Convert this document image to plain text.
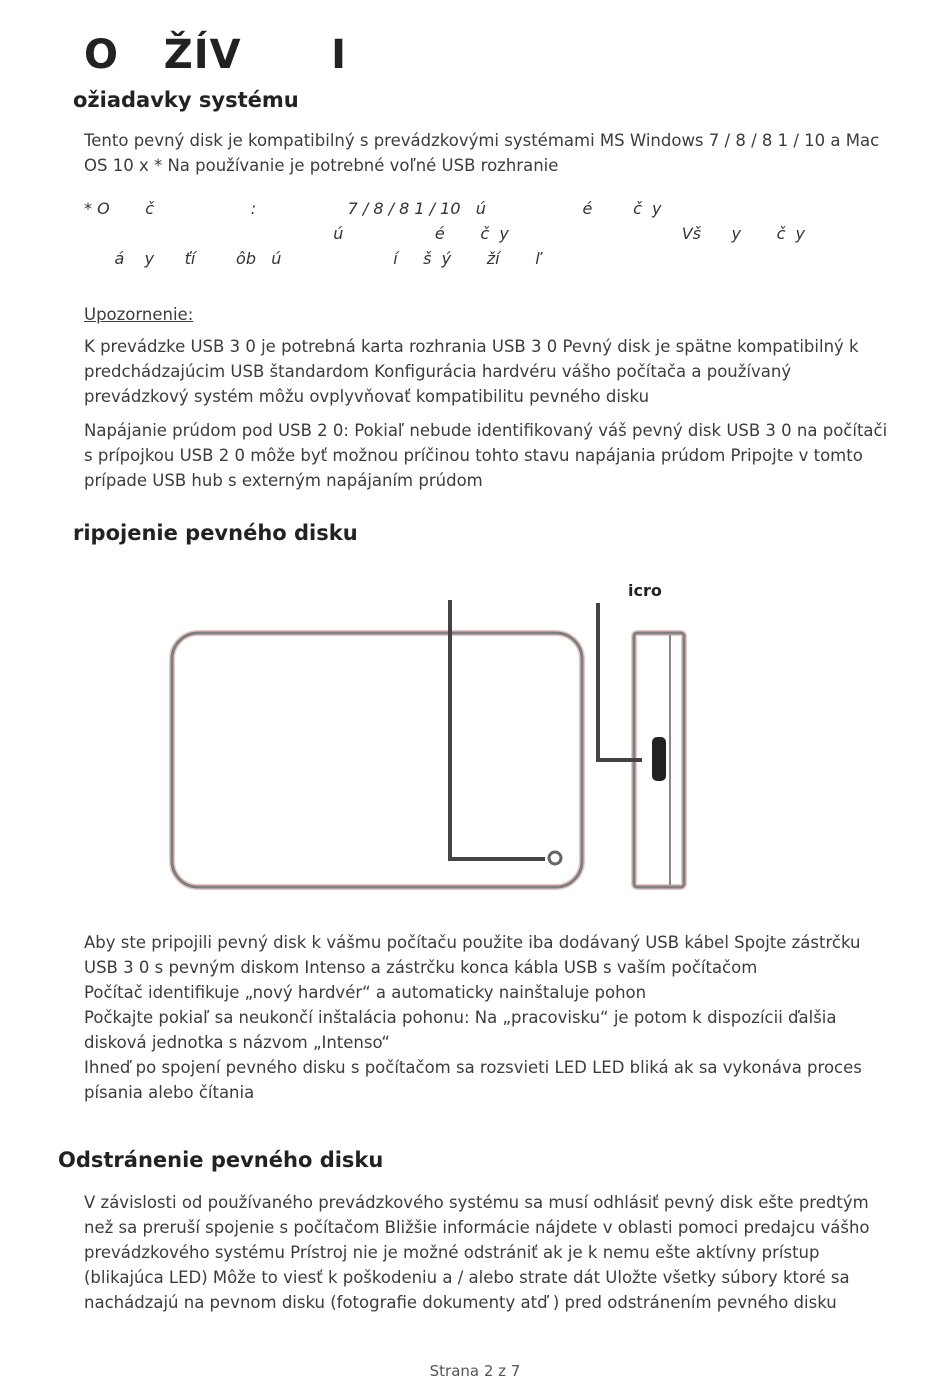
O   ŽÍV      I
ožiadavky systému

Tento pevný disk je kompatibilný s prevádzkovými systémami MS Windows 7 / 8 / 8 1 / 10 a Mac OS 10 x * Na používanie je potrebné voľné USB rozhranie

* O       č                   :                  7 / 8 / 8 1 / 10   ú                   é        č  y
ú                  é       č  y                                  Vš      y       č  y
á    y      ťí        ôb   ú                      í     š  ý       ží       ľ
Upozornenie:
K prevádzke USB 3 0 je potrebná karta rozhrania USB 3 0 Pevný disk je spätne kompatibilný k predchádzajúcim USB štandardom Konfigurácia hardvéru vášho počítača a používaný prevádzkový systém môžu ovplyvňovať kompatibilitu pevného disku
Napájanie prúdom pod USB 2 0: Pokiaľ nebude identifikovaný váš pevný disk USB 3 0 na počítači s prípojkou USB 2 0 môže byť možnou príčinou tohto stavu napájania prúdom Pripojte v tomto prípade USB hub s externým napájaním prúdom
ripojenie pevného disku
icro

Aby ste pripojili pevný disk k vášmu počítaču použite iba dodávaný USB kábel Spojte zástrčku USB 3 0 s pevným diskom Intenso a zástrčku konca kábla USB s vaším počítačom

Počítač identifikuje „nový hardvér“ a automaticky nainštaluje pohon

Počkajte pokiaľ sa neukončí inštalácia pohonu: Na „pracovisku“ je potom k dispozícii ďalšia disková jednotka s názvom „Intenso“

Ihneď po spojení pevného disku s počítačom sa rozsvieti LED LED bliká ak sa vykonáva proces písania alebo čítania

Odstránenie pevného disku
V závislosti od používaného prevádzkového systému sa musí odhlásiť pevný disk ešte predtým než sa preruší spojenie s počítačom Bližšie informácie nájdete v oblasti pomoci predajcu vášho prevádzkového systému Prístroj nie je možné odstrániť ak je k nemu ešte aktívny prístup (blikajúca LED) Môže to viesť k poškodeniu a / alebo strate dát Uložte všetky súbory ktoré sa nachádzajú na pevnom disku (fotografie dokumenty atď ) pred odstránením pevného disku
Strana 2 z 7
